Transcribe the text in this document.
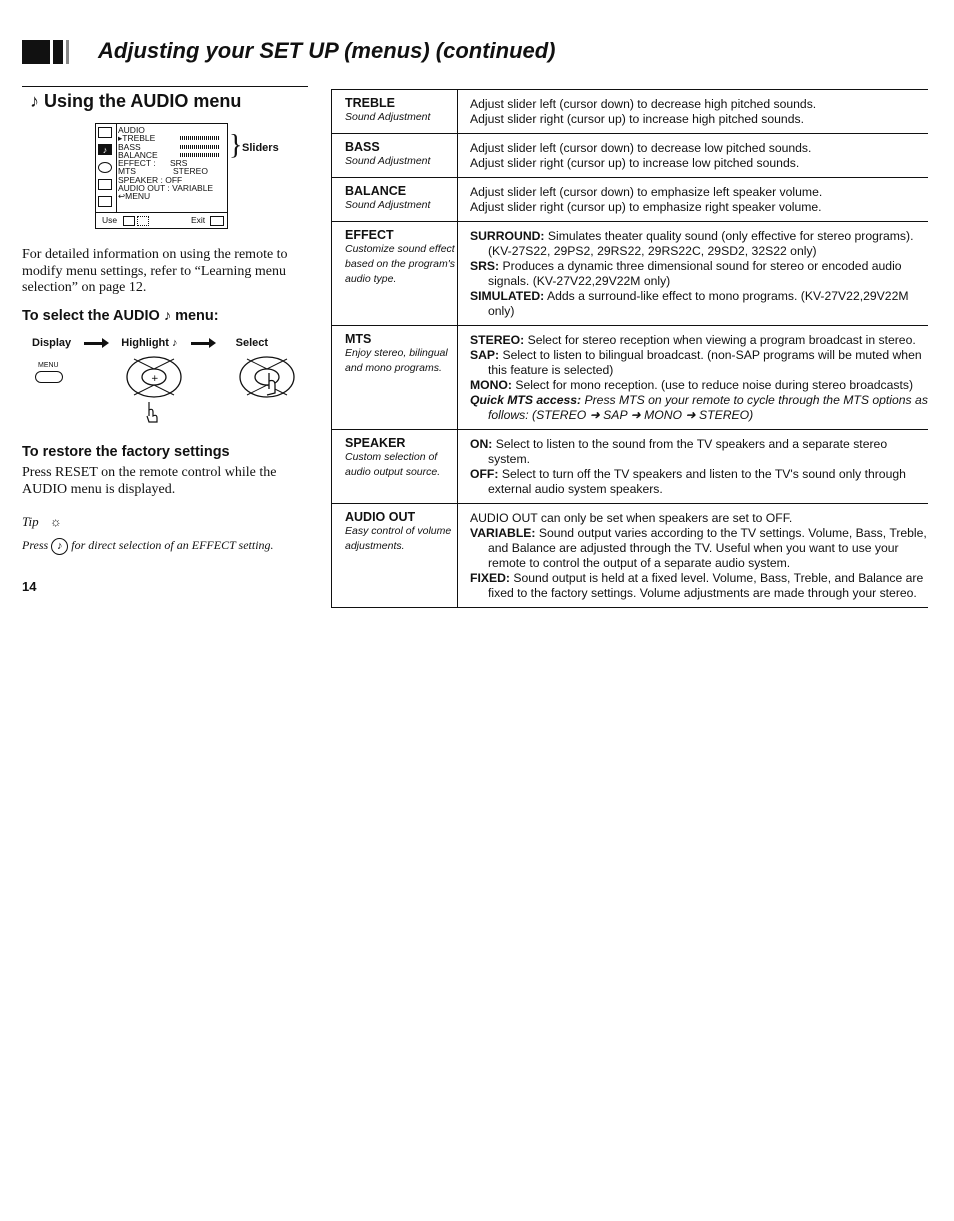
Adjusting your SET UP (menus) (continued)
♪ Using the AUDIO menu
♪
AUDIO
▸TREBLE
BASS
BALANCE
EFFECT : SRS
MTS	STEREO
SPEAKER : OFF
AUDIO OUT : VARIABLE
↩MENU
Use	Exit
} Sliders
For detailed information on using the remote to modify menu settings, refer to “Learning menu selection” on page 12.
To select the AUDIO ♪ menu:
Display	Highlight ♪	Select
MENU
+
To restore the factory settings
Press RESET on the remote control while the AUDIO menu is displayed.
Tip ☼
Press ♪ for direct selection of an EFFECT setting.
14
TREBLE
Sound Adjustment	Adjust slider left (cursor down) to decrease high pitched sounds.
Adjust slider right (cursor up) to increase high pitched sounds.

BASS
Sound Adjustment	Adjust slider left (cursor down) to decrease low pitched sounds.
Adjust slider right (cursor up) to increase low pitched sounds.

BALANCE
Sound Adjustment	Adjust slider left (cursor down) to emphasize left speaker volume.
Adjust slider right (cursor up) to emphasize right speaker volume.

EFFECT
Customize sound effect based on the program's audio type.	SURROUND: Simulates theater quality sound (only effective for stereo programs). (KV-27S22, 29PS2, 29RS22, 29RS22C, 29SD2, 32S22 only)
SRS: Produces a dynamic three dimensional sound for stereo or encoded audio signals. (KV-27V22,29V22M only)
SIMULATED: Adds a surround-like effect to mono programs. (KV-27V22,29V22M only)

MTS
Enjoy stereo, bilingual and mono programs.	STEREO: Select for stereo reception when viewing a program broadcast in stereo.
SAP: Select to listen to bilingual broadcast. (non-SAP programs will be muted when this feature is selected)
MONO: Select for mono reception. (use to reduce noise during stereo broadcasts)
Quick MTS access: Press MTS on your remote to cycle through the MTS options as follows: (STEREO ➜ SAP ➜ MONO ➜ STEREO)

SPEAKER
Custom selection of audio output source.	ON: Select to listen to the sound from the TV speakers and a separate stereo system.
OFF: Select to turn off the TV speakers and listen to the TV's sound only through external audio system speakers.

AUDIO OUT
Easy control of volume adjustments.	AUDIO OUT can only be set when speakers are set to OFF.
VARIABLE: Sound output varies according to the TV settings. Volume, Bass, Treble, and Balance are adjusted through the TV. Useful when you want to use your remote to control the output of a separate audio system.
FIXED: Sound output is held at a fixed level. Volume, Bass, Treble, and Balance are fixed to the factory settings. Volume adjustments are made through your stereo.
